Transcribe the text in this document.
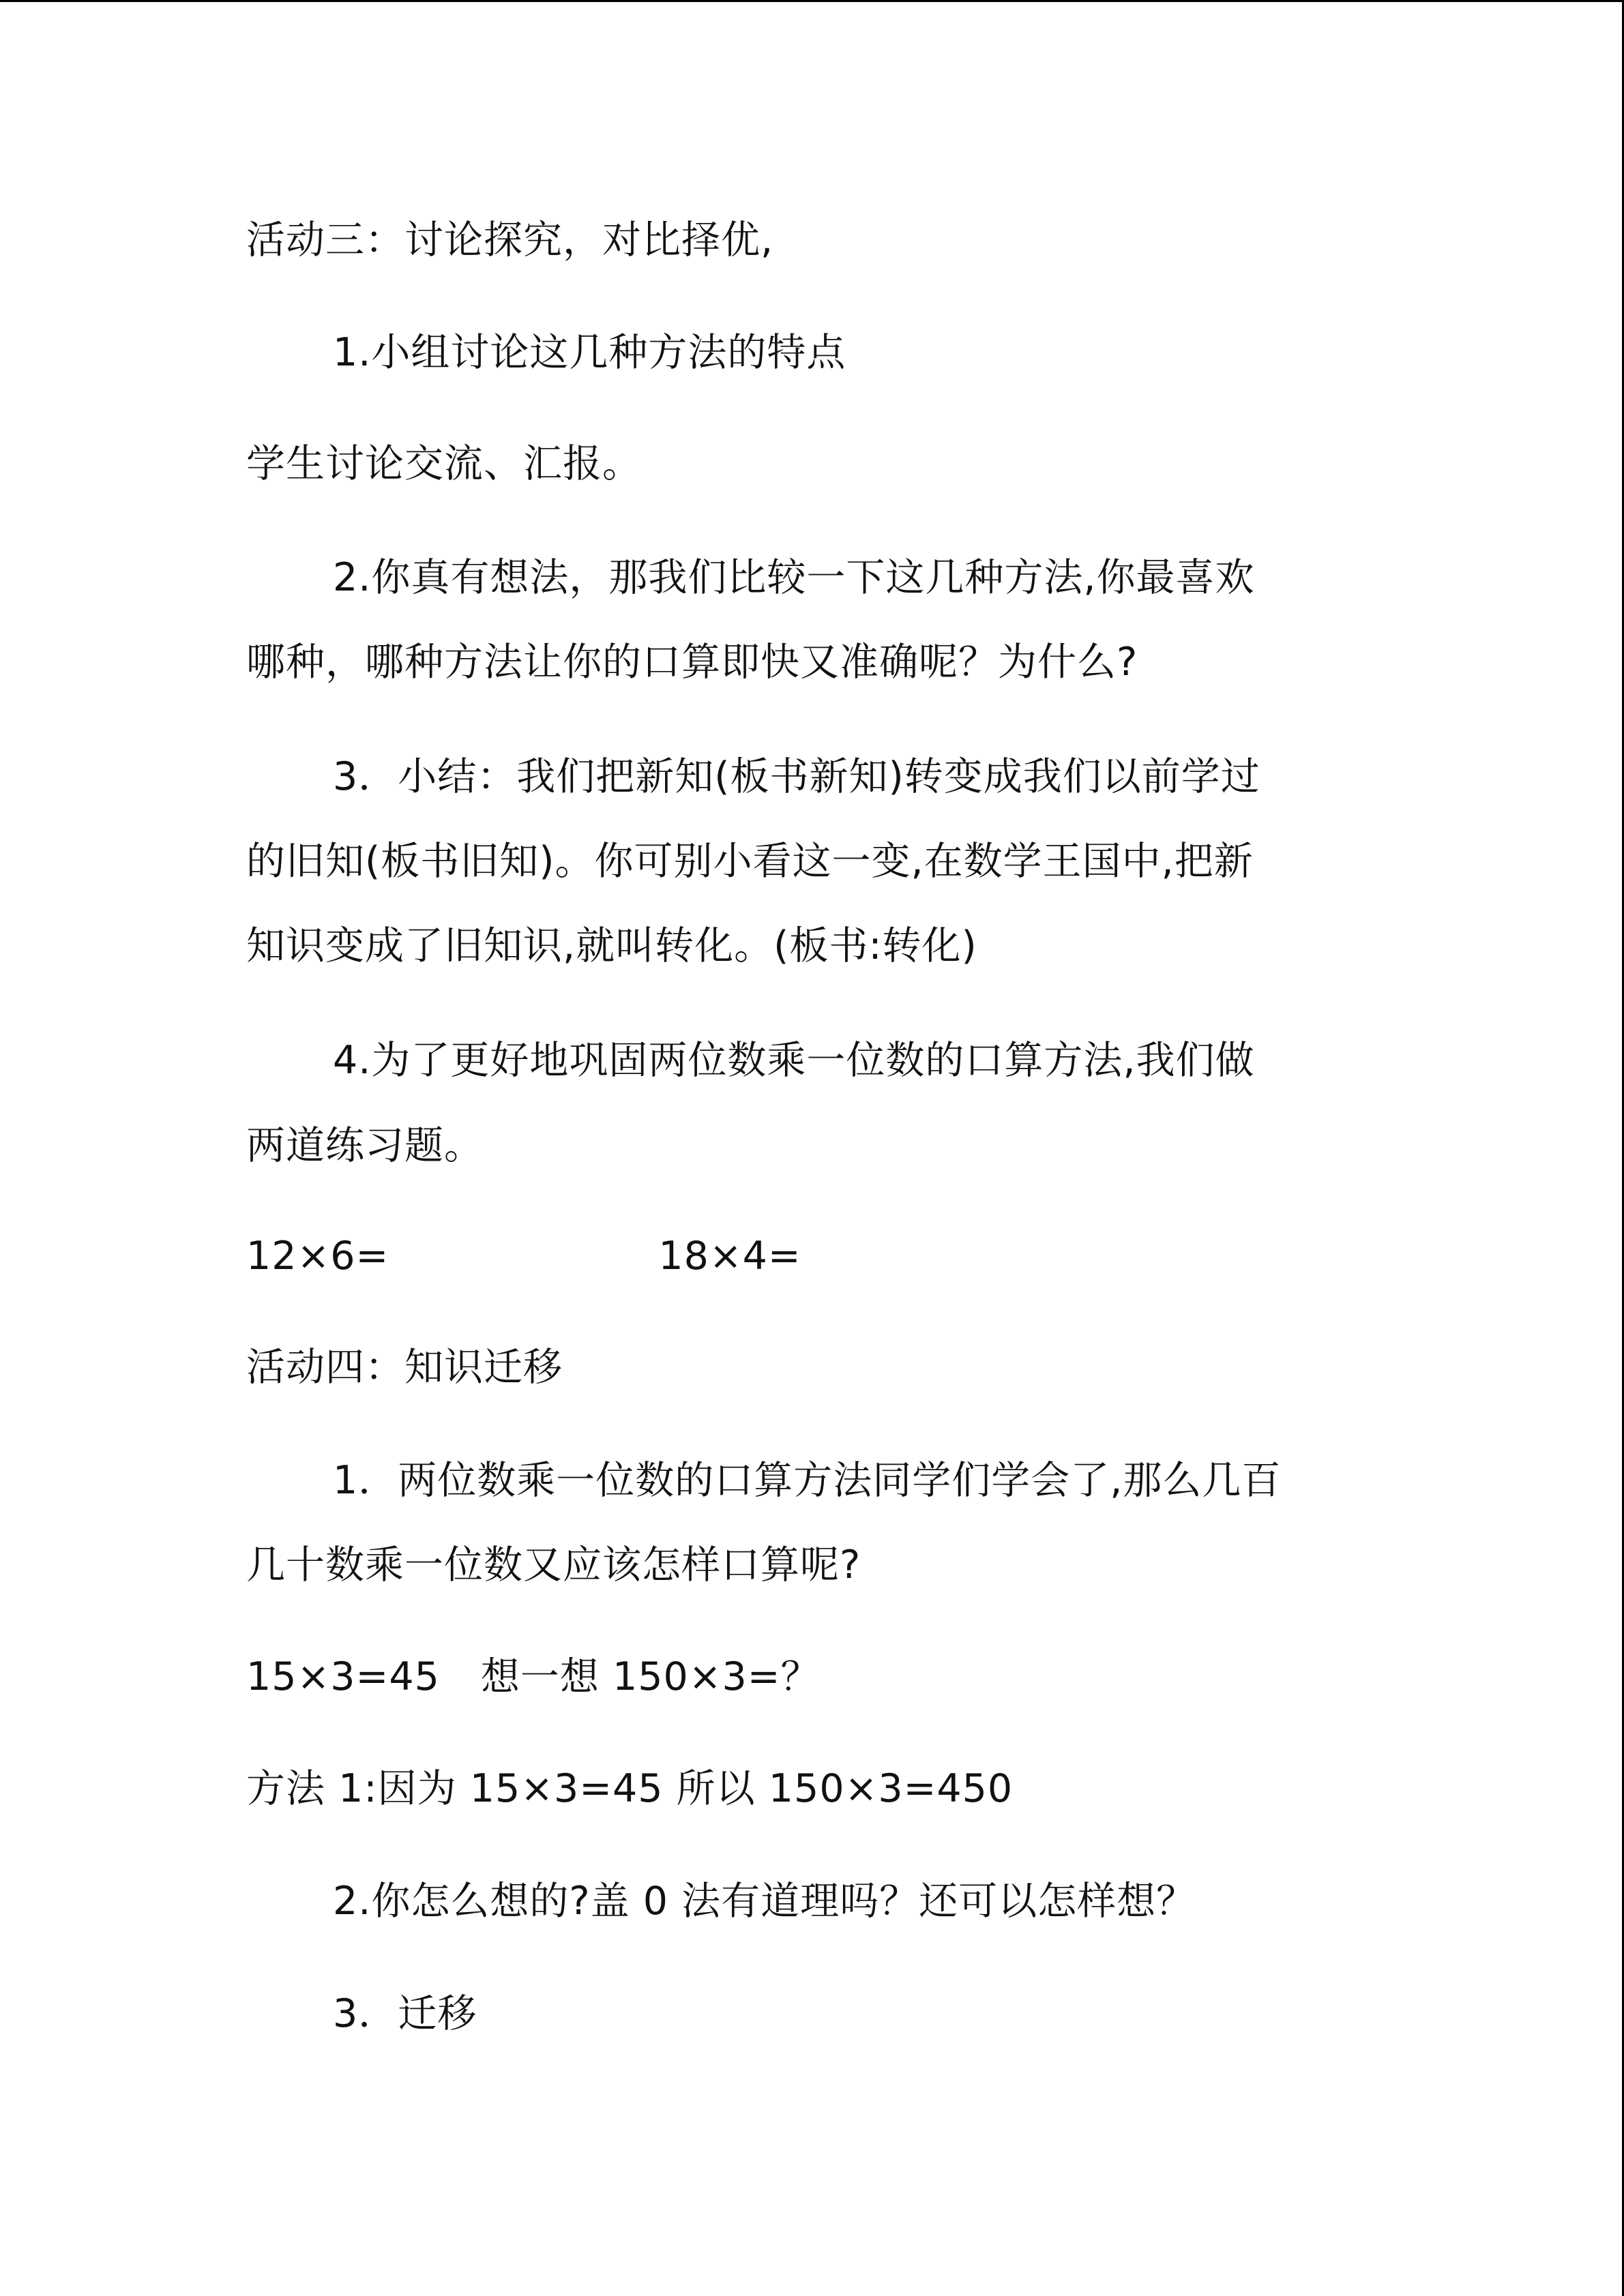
活动三：讨论探究，对比择优,
1.小组讨论这几种方法的特点
学生讨论交流、汇报。
2.你真有想法，那我们比较一下这几种方法,你最喜欢
哪种，哪种方法让你的口算即快又准确呢？为什么?
3．小结：我们把新知(板书新知)转变成我们以前学过
的旧知(板书旧知)。你可别小看这一变,在数学王国中,把新
知识变成了旧知识,就叫转化。(板书:转化)
4.为了更好地巩固两位数乘一位数的口算方法,我们做
两道练习题。
12×6=	18×4=
活动四：知识迁移
1．两位数乘一位数的口算方法同学们学会了,那么几百
几十数乘一位数又应该怎样口算呢?
15×3=45 想一想 150×3=？
方法 1:因为 15×3=45 所以 150×3=450
2.你怎么想的?盖 0 法有道理吗？还可以怎样想？
3．迁移
